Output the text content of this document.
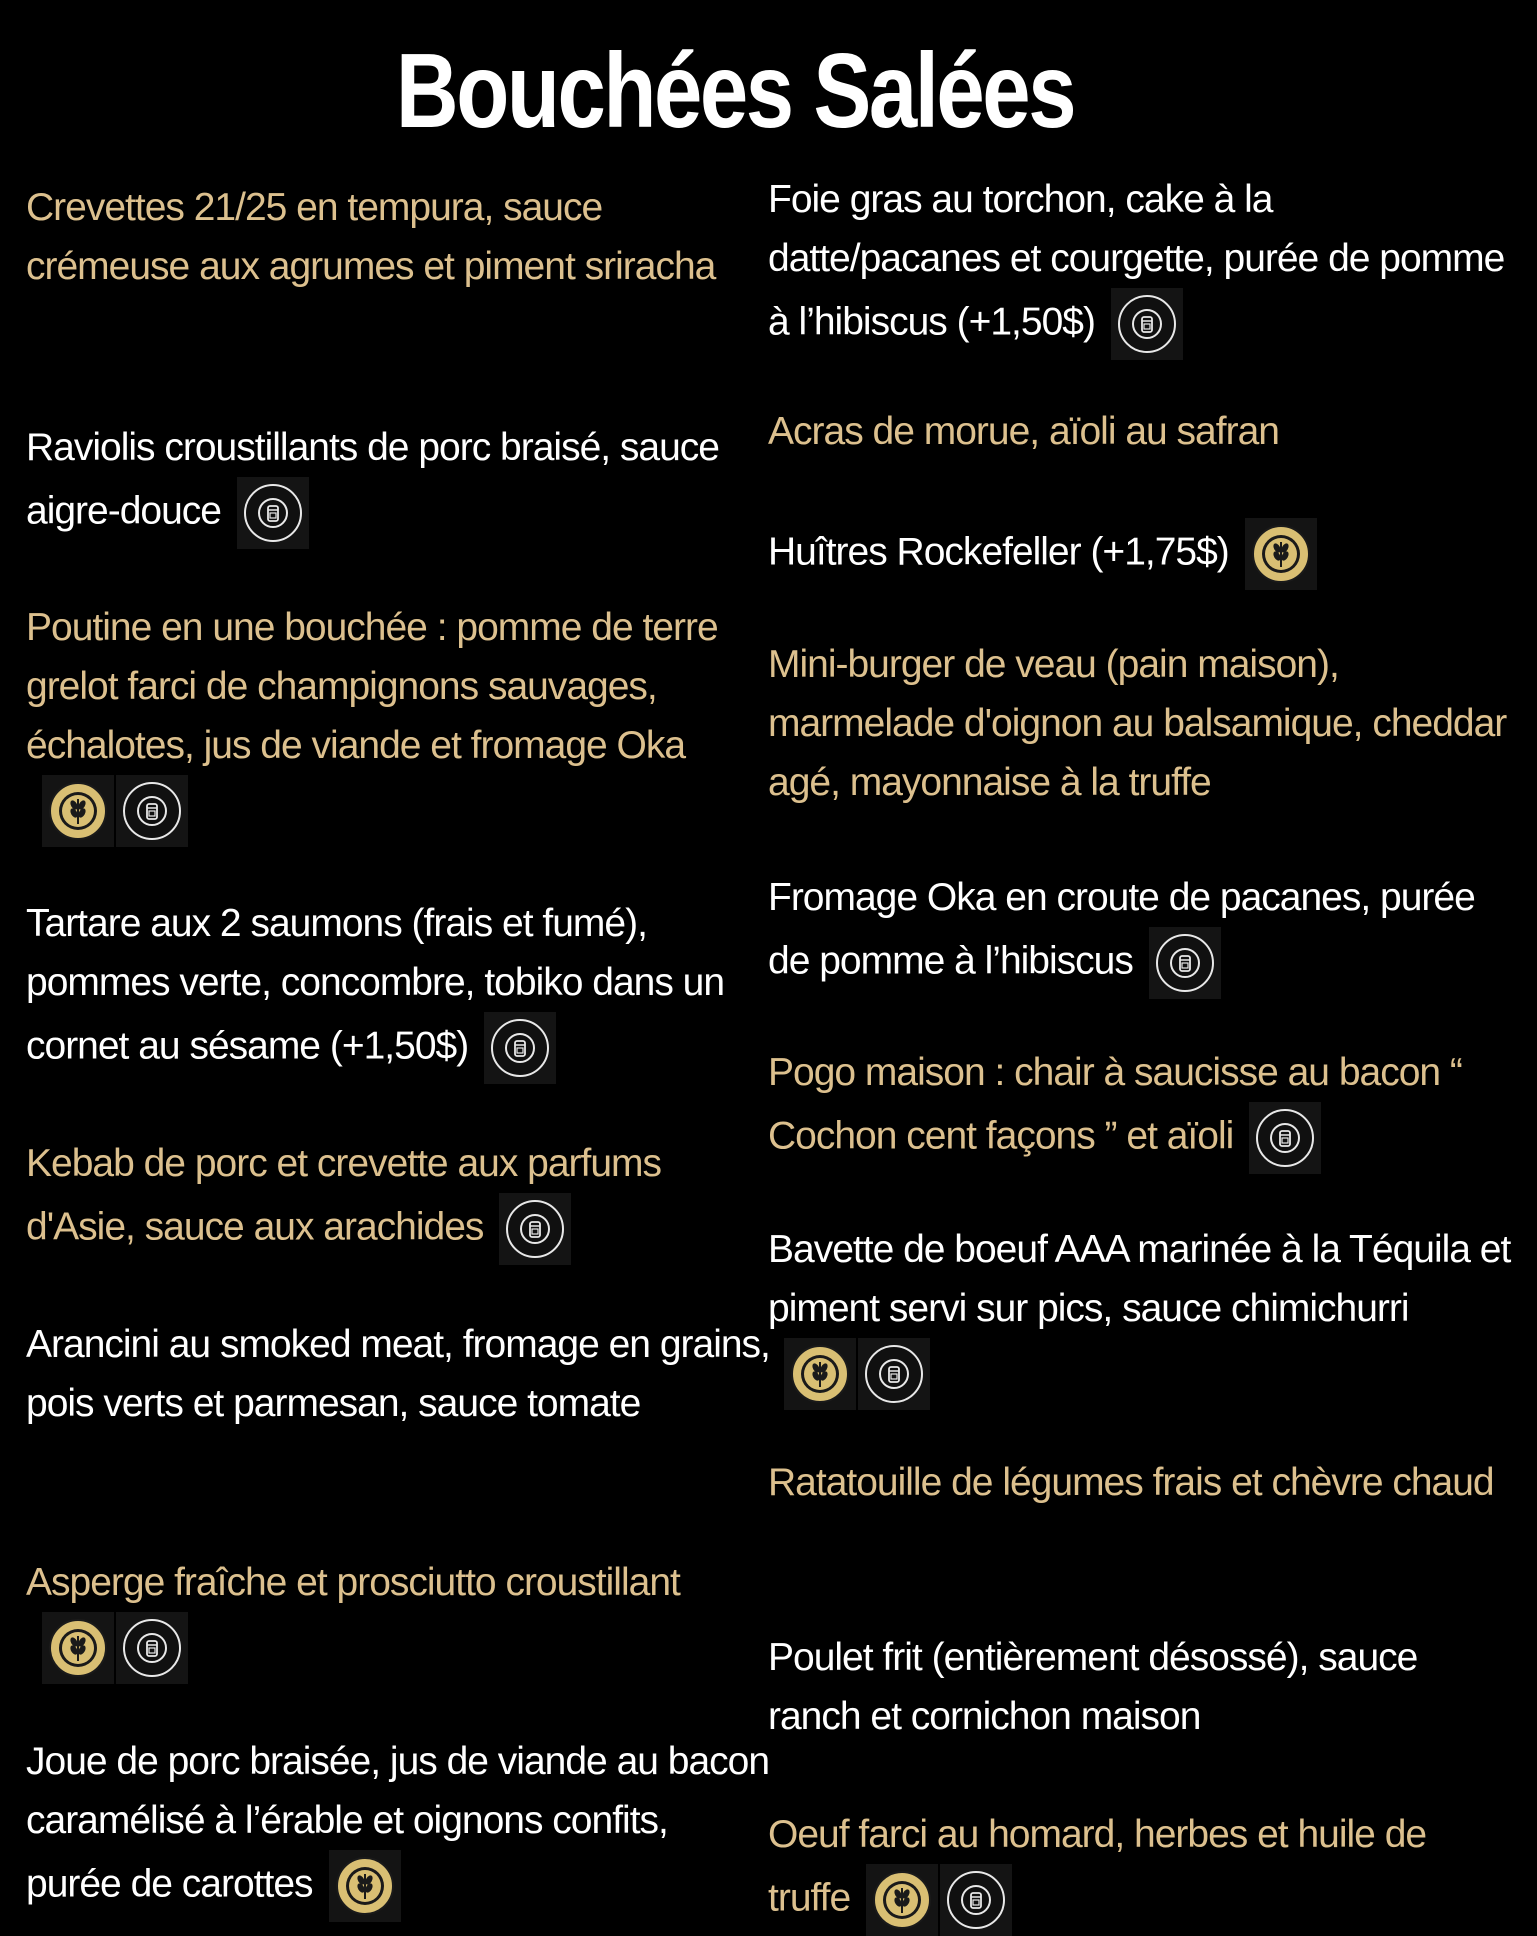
Bouchées Salées

Crevettes 21/25 en tempura, sauce crémeuse aux agrumes et piment sriracha

Raviolis croustillants de porc braisé, sauce aigre-douce

Poutine en une bouchée : pomme de terre grelot farci de champignons sauvages, échalotes, jus de viande et fromage Oka

Tartare aux 2 saumons (frais et fumé), pommes verte, concombre, tobiko dans un cornet au sésame (+1,50$)

Kebab de porc et crevette aux parfums d'Asie, sauce aux arachides

Arancini au smoked meat, fromage en grains, pois verts et parmesan, sauce tomate

Asperge fraîche et prosciutto croustillant

Joue de porc braisée, jus de viande au bacon caramélisé à l’érable et oignons confits, purée de carottes

Foie gras au torchon, cake à la datte/pacanes et courgette, purée de pomme à l’hibiscus (+1,50$)

Acras de morue, aïoli au safran

Huîtres Rockefeller (+1,75$)

Mini-burger de veau (pain maison), marmelade d'oignon au balsamique, cheddar agé, mayonnaise à la truffe

Fromage Oka en croute de pacanes, purée de pomme à l’hibiscus

Pogo maison : chair à saucisse au bacon “ Cochon cent façons ” et aïoli

Bavette de boeuf AAA marinée à la Téquila et piment servi sur pics, sauce chimichurri

Ratatouille de légumes frais et chèvre chaud

Poulet frit (entièrement désossé), sauce ranch et cornichon maison

Oeuf farci au homard, herbes et huile de truffe
